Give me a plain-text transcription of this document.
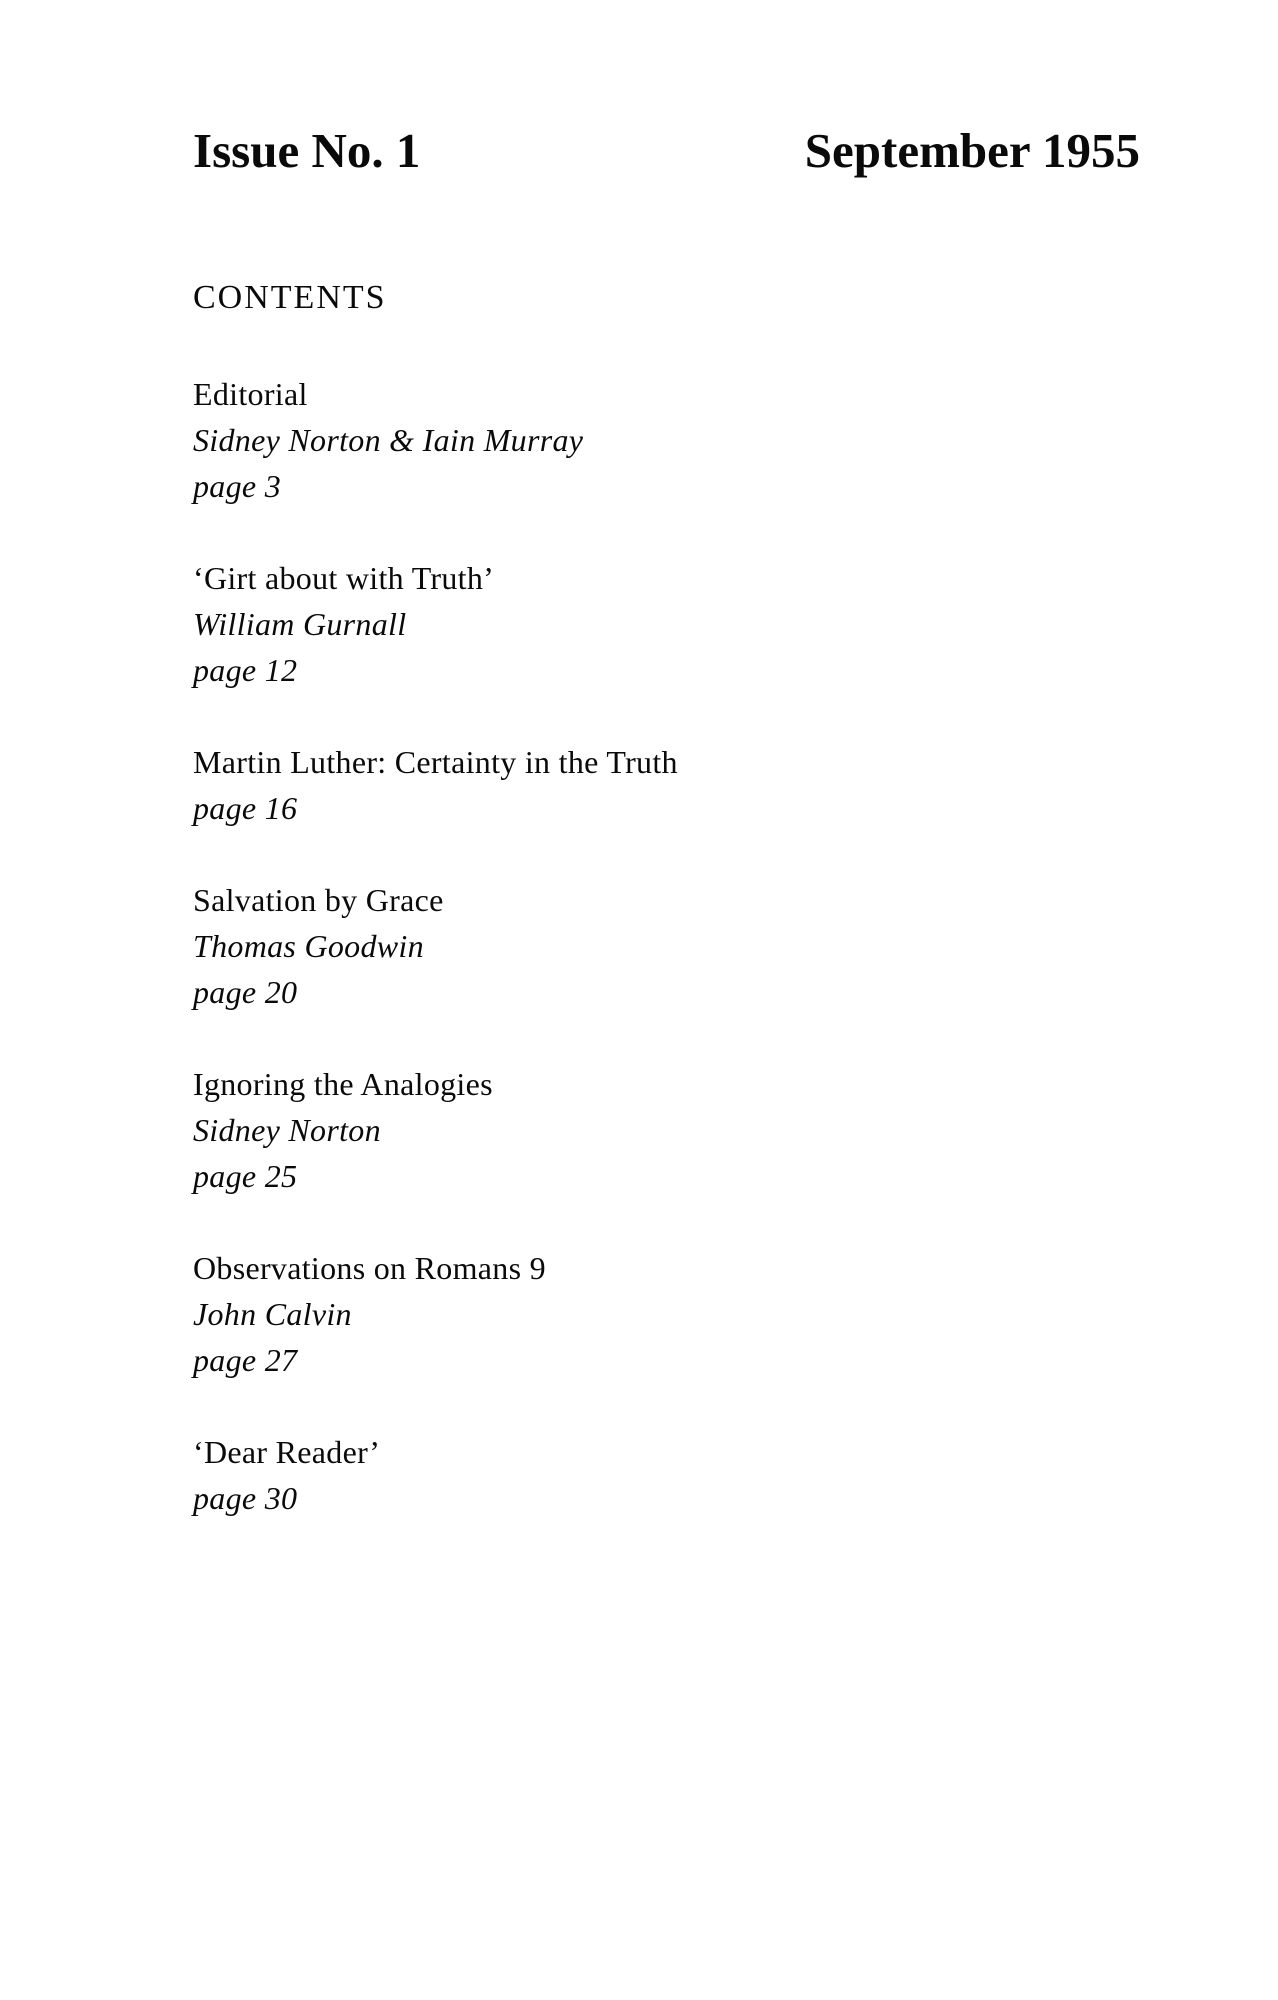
Issue No. 1	September 1955
CONTENTS
Editorial
Sidney Norton & Iain Murray
page 3
‘Girt about with Truth’
William Gurnall
page 12
Martin Luther: Certainty in the Truth
page 16
Salvation by Grace
Thomas Goodwin
page 20
Ignoring the Analogies
Sidney Norton
page 25
Observations on Romans 9
John Calvin
page 27
‘Dear Reader’
page 30
